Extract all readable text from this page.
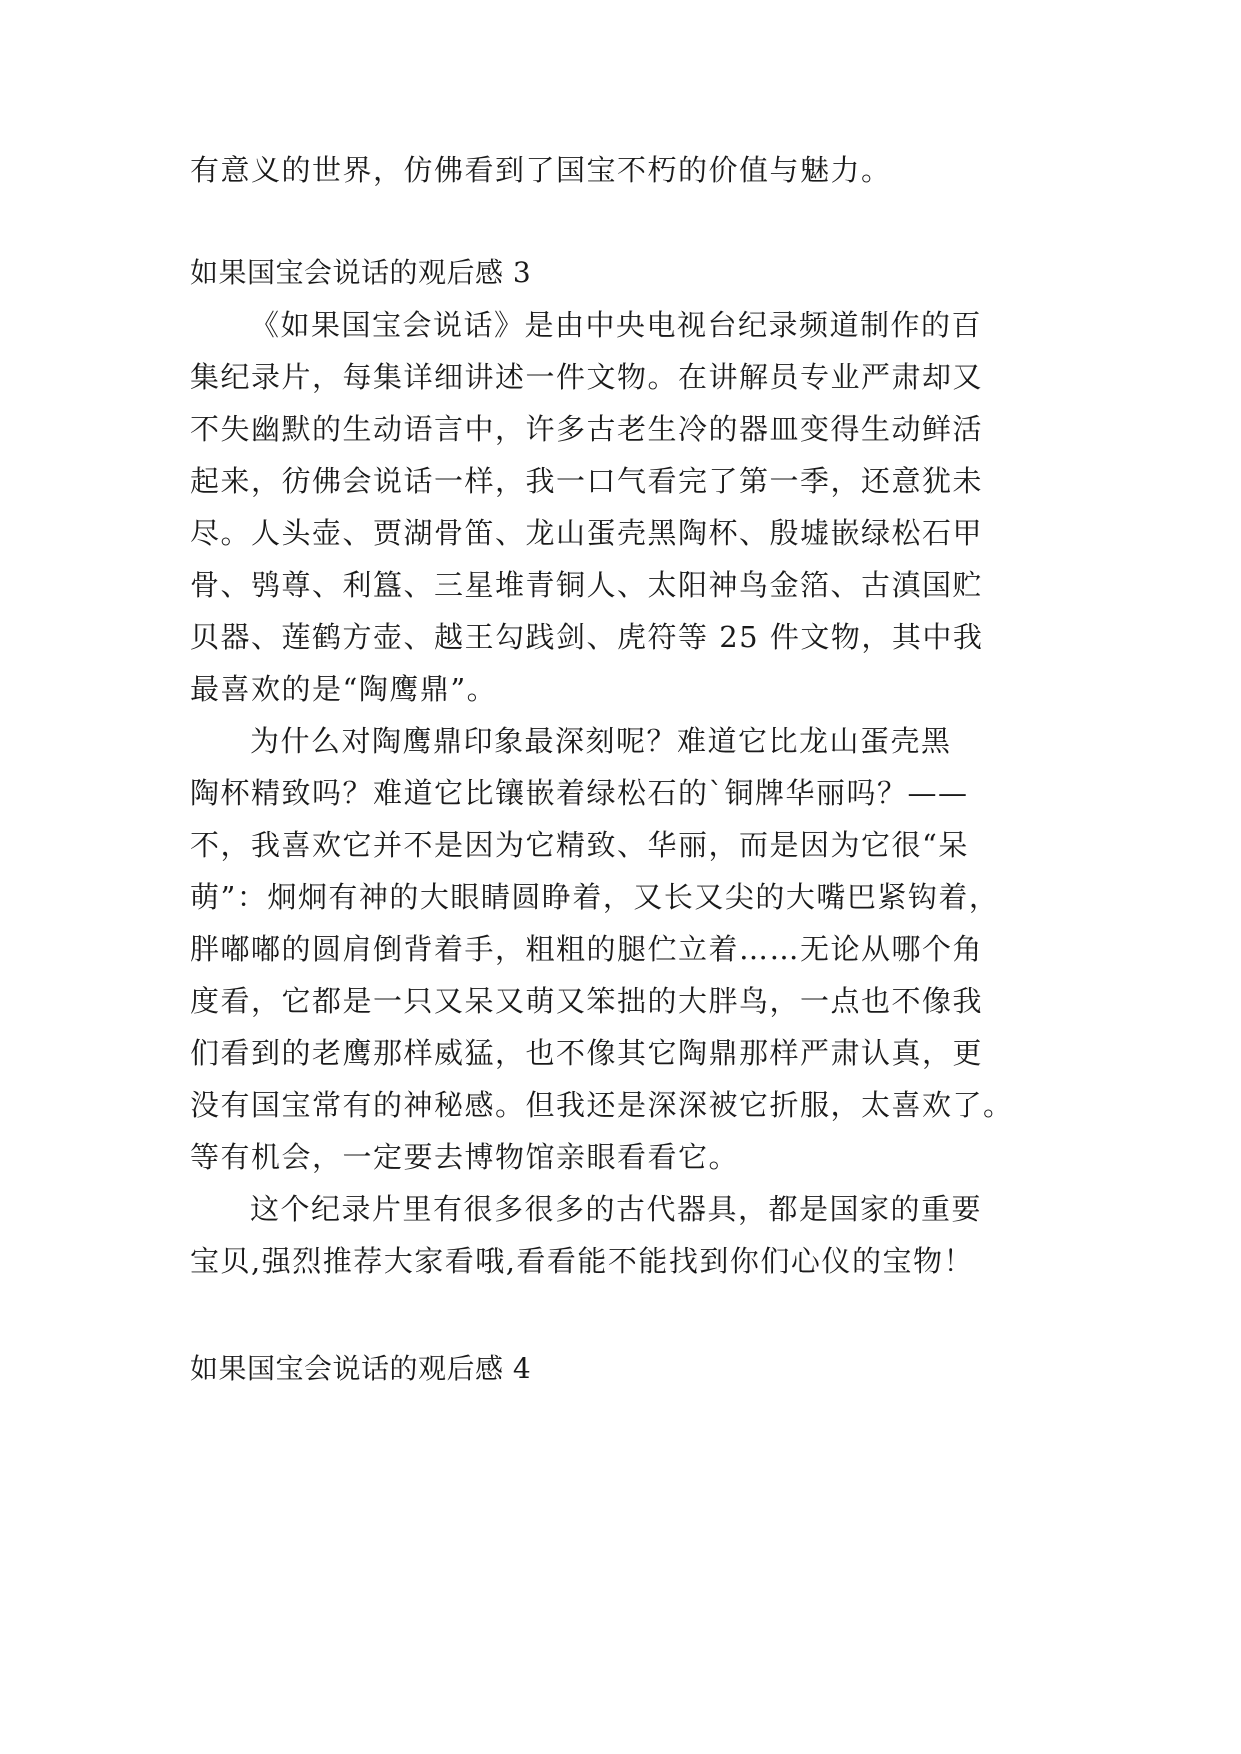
有意义的世界，仿佛看到了国宝不朽的价值与魅力。
如果国宝会说话的观后感 3
《如果国宝会说话》是由中央电视台纪录频道制作的百
集纪录片，每集详细讲述一件文物。在讲解员专业严肃却又
不失幽默的生动语言中，许多古老生冷的器皿变得生动鲜活
起来，彷佛会说话一样，我一口气看完了第一季，还意犹未
尽。人头壶、贾湖骨笛、龙山蛋壳黑陶杯、殷墟嵌绿松石甲
骨、鸮尊、利簋、三星堆青铜人、太阳神鸟金箔、古滇国贮
贝器、莲鹤方壶、越王勾践剑、虎符等 25 件文物，其中我
最喜欢的是“陶鹰鼎”。
为什么对陶鹰鼎印象最深刻呢？难道它比龙山蛋壳黑
陶杯精致吗？难道它比镶嵌着绿松石的`铜牌华丽吗？——
不，我喜欢它并不是因为它精致、华丽，而是因为它很“呆
萌”：炯炯有神的大眼睛圆睁着，又长又尖的大嘴巴紧钩着，
胖嘟嘟的圆肩倒背着手，粗粗的腿伫立着……无论从哪个角
度看，它都是一只又呆又萌又笨拙的大胖鸟，一点也不像我
们看到的老鹰那样威猛，也不像其它陶鼎那样严肃认真，更
没有国宝常有的神秘感。但我还是深深被它折服，太喜欢了。
等有机会，一定要去博物馆亲眼看看它。
这个纪录片里有很多很多的古代器具，都是国家的重要
宝贝,强烈推荐大家看哦,看看能不能找到你们心仪的宝物！
如果国宝会说话的观后感 4
